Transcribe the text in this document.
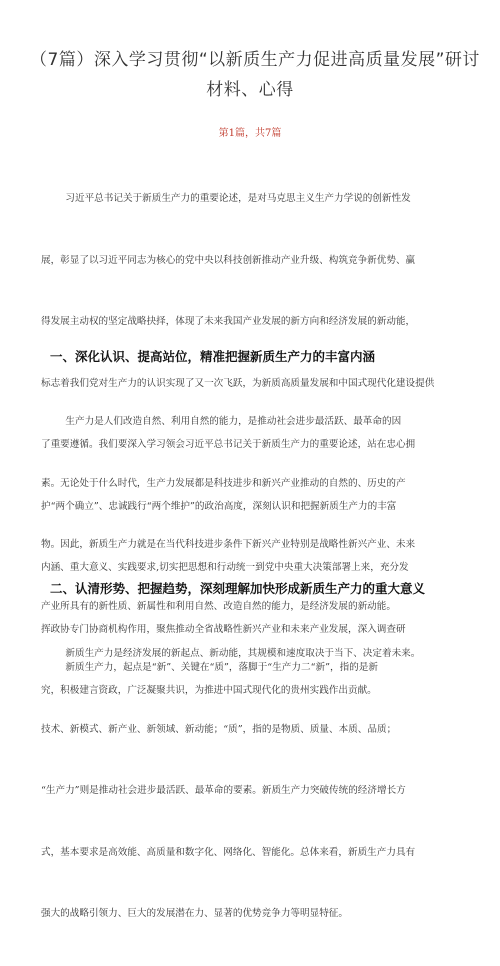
（7篇）深入学习贯彻“以新质生产力促进高质量发展”研讨
材料、心得
第1篇，共7篇

习近平总书记关于新质生产力的重要论述，是对马克思主义生产力学说的创新性发

展，彰显了以习近平同志为核心的党中央以科技创新推动产业升级、构筑竞争新优势、赢

得发展主动权的坚定战略抉择，体现了未来我国产业发展的新方向和经济发展的新动能，

标志着我们党对生产力的认识实现了又一次飞跃，为新质高质量发展和中国式现代化建设提供

了重要遵循。我们要深入学习领会习近平总书记关于新质生产力的重要论述，站在忠心拥

护“两个确立”、忠诚践行“两个维护”的政治高度，深刻认识和把握新质生产力的丰富

内涵、重大意义、实践要求,切实把思想和行动统一到党中央重大决策部署上来，充分发

挥政协专门协商机构作用，聚焦推动全省战略性新兴产业和未来产业发展，深入调查研

究，积极建言资政，广泛凝聚共识，为推进中国式现代化的贵州实践作出贡献。

一、深化认识、提高站位，精准把握新质生产力的丰富内涵

生产力是人们改造自然、利用自然的能力，是推动社会进步最活跃、最革命的因

素。无论处于什么时代，生产力发展都是科技进步和新兴产业推动的自然的、历史的产

物。因此，新质生产力就是在当代科技进步条件下新兴产业特别是战略性新兴产业、未来

产业所具有的新性质、新属性和利用自然、改造自然的能力，是经济发展的新动能。

新质生产力，起点是“新”、关键在“质”，落脚于“生产力二“新”，指的是新

技术、新模式、新产业、新领域、新动能；“质”，指的是物质、质量、本质、品质；

“生产力”则是推动社会进步最活跃、最革命的要素。新质生产力突破传统的经济增长方

式，基本要求是高效能、高质量和数字化、网络化、智能化。总体来看，新质生产力具有

强大的战略引领力、巨大的发展潜在力、显著的优势竞争力等明显特征。

二、认清形势、把握趋势，深刻理解加快形成新质生产力的重大意义

新质生产力是经济发展的新起点、新动能，其规模和速度取决于当下、决定着未来。
